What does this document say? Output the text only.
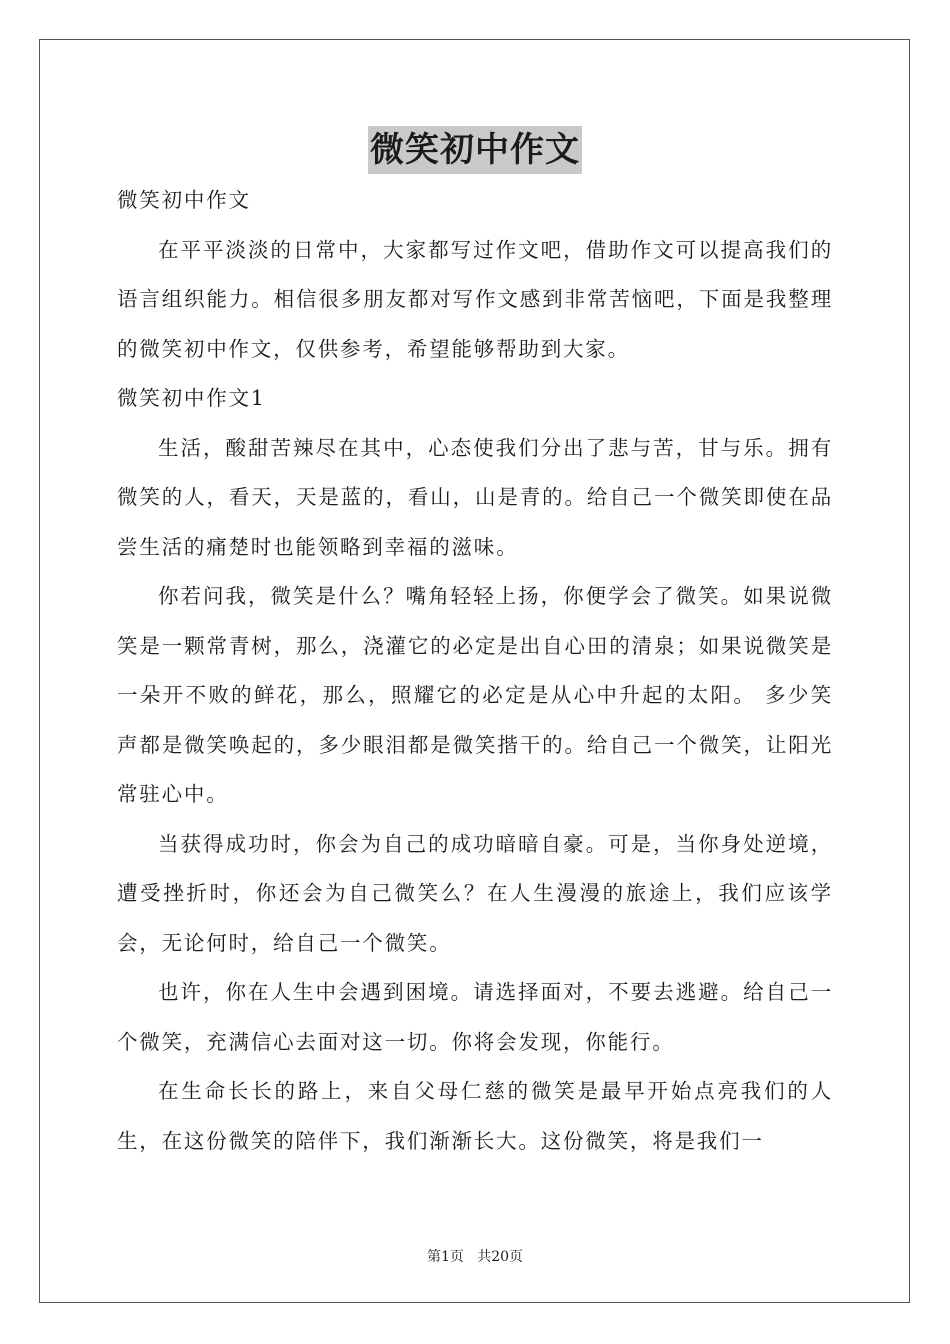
微笑初中作文

微笑初中作文

在平平淡淡的日常中，大家都写过作文吧，借助作文可以提高我们的语言组织能力。相信很多朋友都对写作文感到非常苦恼吧，下面是我整理的微笑初中作文，仅供参考，希望能够帮助到大家。

微笑初中作文1

生活，酸甜苦辣尽在其中，心态使我们分出了悲与苦，甘与乐。拥有微笑的人，看天，天是蓝的，看山，山是青的。给自己一个微笑即使在品尝生活的痛楚时也能领略到幸福的滋味。

你若问我，微笑是什么？嘴角轻轻上扬，你便学会了微笑。如果说微笑是一颗常青树，那么，浇灌它的必定是出自心田的清泉；如果说微笑是一朵开不败的鲜花，那么，照耀它的必定是从心中升起的太阳。 多少笑声都是微笑唤起的，多少眼泪都是微笑揩干的。给自己一个微笑，让阳光常驻心中。

当获得成功时，你会为自己的成功暗暗自豪。可是，当你身处逆境，遭受挫折时，你还会为自己微笑么？在人生漫漫的旅途上，我们应该学会，无论何时，给自己一个微笑。

也许，你在人生中会遇到困境。请选择面对，不要去逃避。给自己一个微笑，充满信心去面对这一切。你将会发现，你能行。

在生命长长的路上，来自父母仁慈的微笑是最早开始点亮我们的人生，在这份微笑的陪伴下，我们渐渐长大。这份微笑，将是我们一

第1页   共20页
